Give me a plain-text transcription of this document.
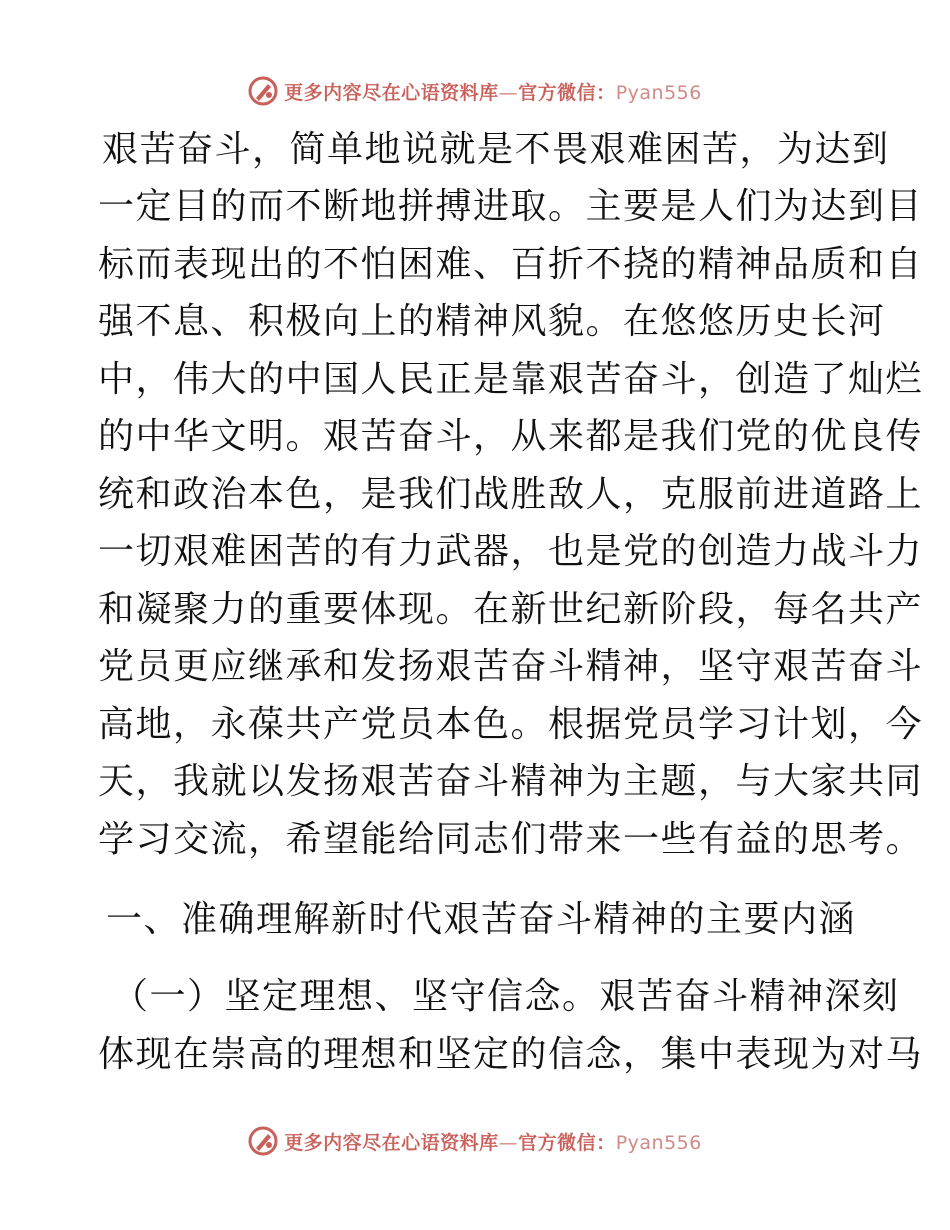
更多内容尽在心语资料库—官方微信：Pyan556
艰苦奋斗，简单地说就是不畏艰难困苦，为达到
一定目的而不断地拼搏进取。主要是人们为达到目
标而表现出的不怕困难、百折不挠的精神品质和自
强不息、积极向上的精神风貌。在悠悠历史长河
中，伟大的中国人民正是靠艰苦奋斗，创造了灿烂
的中华文明。艰苦奋斗，从来都是我们党的优良传
统和政治本色，是我们战胜敌人，克服前进道路上
一切艰难困苦的有力武器，也是党的创造力战斗力
和凝聚力的重要体现。在新世纪新阶段，每名共产
党员更应继承和发扬艰苦奋斗精神，坚守艰苦奋斗
高地，永葆共产党员本色。根据党员学习计划，今
天，我就以发扬艰苦奋斗精神为主题，与大家共同
学习交流，希望能给同志们带来一些有益的思考。
一、准确理解新时代艰苦奋斗精神的主要内涵
（一）坚定理想、坚守信念。艰苦奋斗精神深刻
体现在崇高的理想和坚定的信念，集中表现为对马
更多内容尽在心语资料库—官方微信：Pyan556
